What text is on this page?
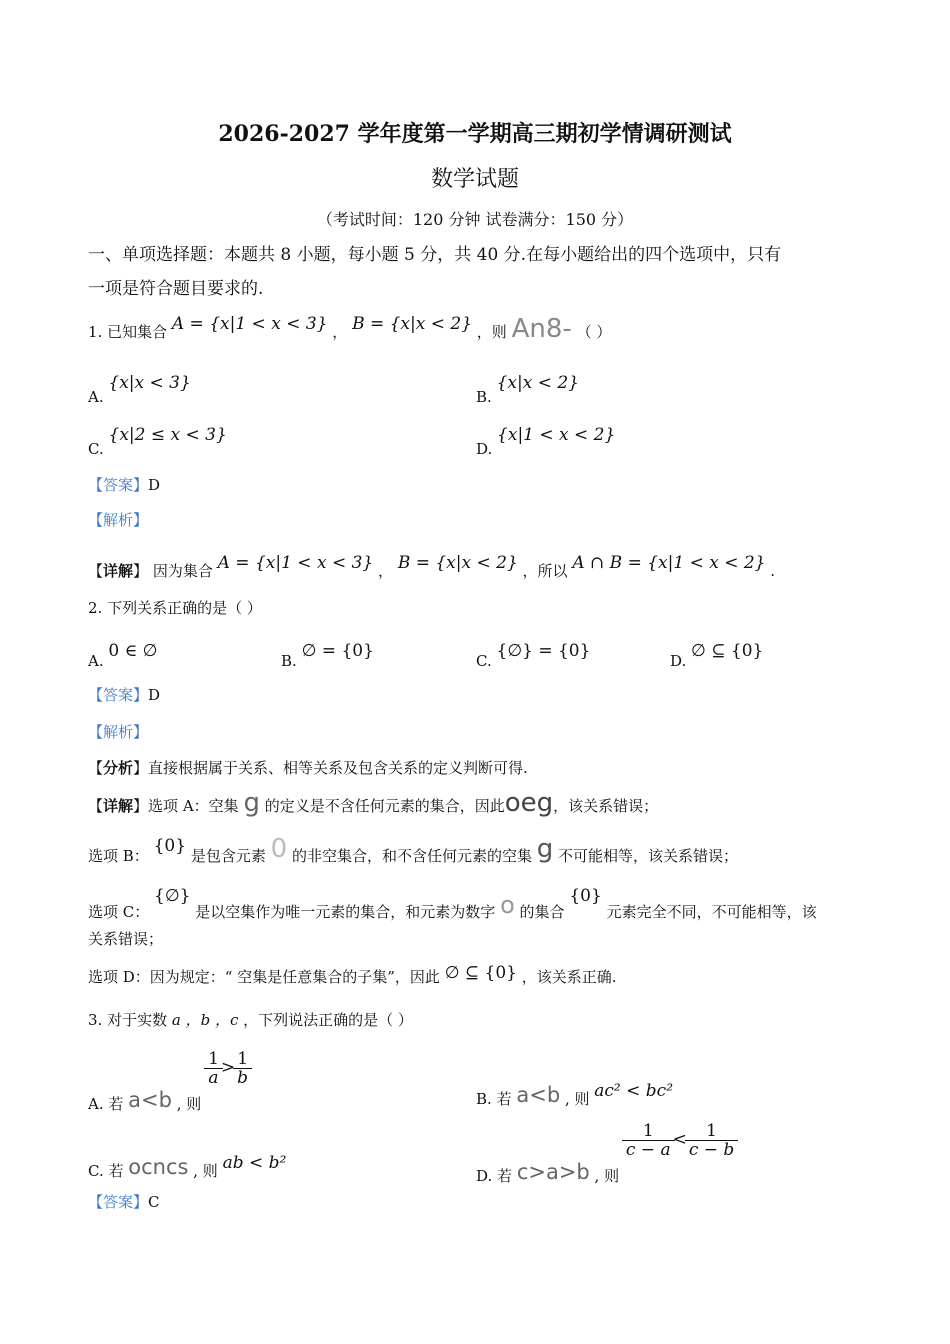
2026-2027 学年度第一学期高三期初学情调研测试
数学试题
（考试时间：120 分钟 试卷满分：150 分）
一、单项选择题：本题共 8 小题，每小题 5 分，共 40 分.在每小题给出的四个选项中，只有
一项是符合题目要求的.
1. 已知集合 A = {x|1 < x < 3} ， B = {x|x < 2} ，则 An8- （ ）
A. {x|x < 3}
B. {x|x < 2}
C. {x|2 ≤ x < 3}
D. {x|1 < x < 2}
【答案】D
【解析】
【详解】 因为集合 A = {x|1 < x < 3} ， B = {x|x < 2} ，所以 A ∩ B = {x|1 < x < 2} .
2. 下列关系正确的是（ ）
A. 0 ∈ ∅	B. ∅ = {0}	C. {∅} = {0}	D. ∅ ⊆ {0}
【答案】D
【解析】
【分析】直接根据属于关系、相等关系及包含关系的定义判断可得.
【详解】选项 A：空集 g 的定义是不含任何元素的集合，因此oeg，该关系错误；
选项 B： {0} 是包含元素 0 的非空集合，和不含任何元素的空集 g 不可能相等，该关系错误；
选项 C： {∅} 是以空集作为唯一元素的集合，和元素为数字 o 的集合 {0} 元素完全不同，不可能相等，该
关系错误；
选项 D：因为规定：“ 空集是任意集合的子集”，因此 ∅ ⊆ {0} ，该关系正确.
3. 对于实数 a ，b ，c ，下列说法正确的是（ ）
A. 若 a<b , 则
$\frac{1}{a} > \frac{1}{b}$
B. 若 a<b , 则 ac² < bc²
C. 若 ocncs , 则 ab < b²
D. 若 c>a>b , 则
$\frac{1}{c - a} < \frac{1}{c - b}$
【答案】C
